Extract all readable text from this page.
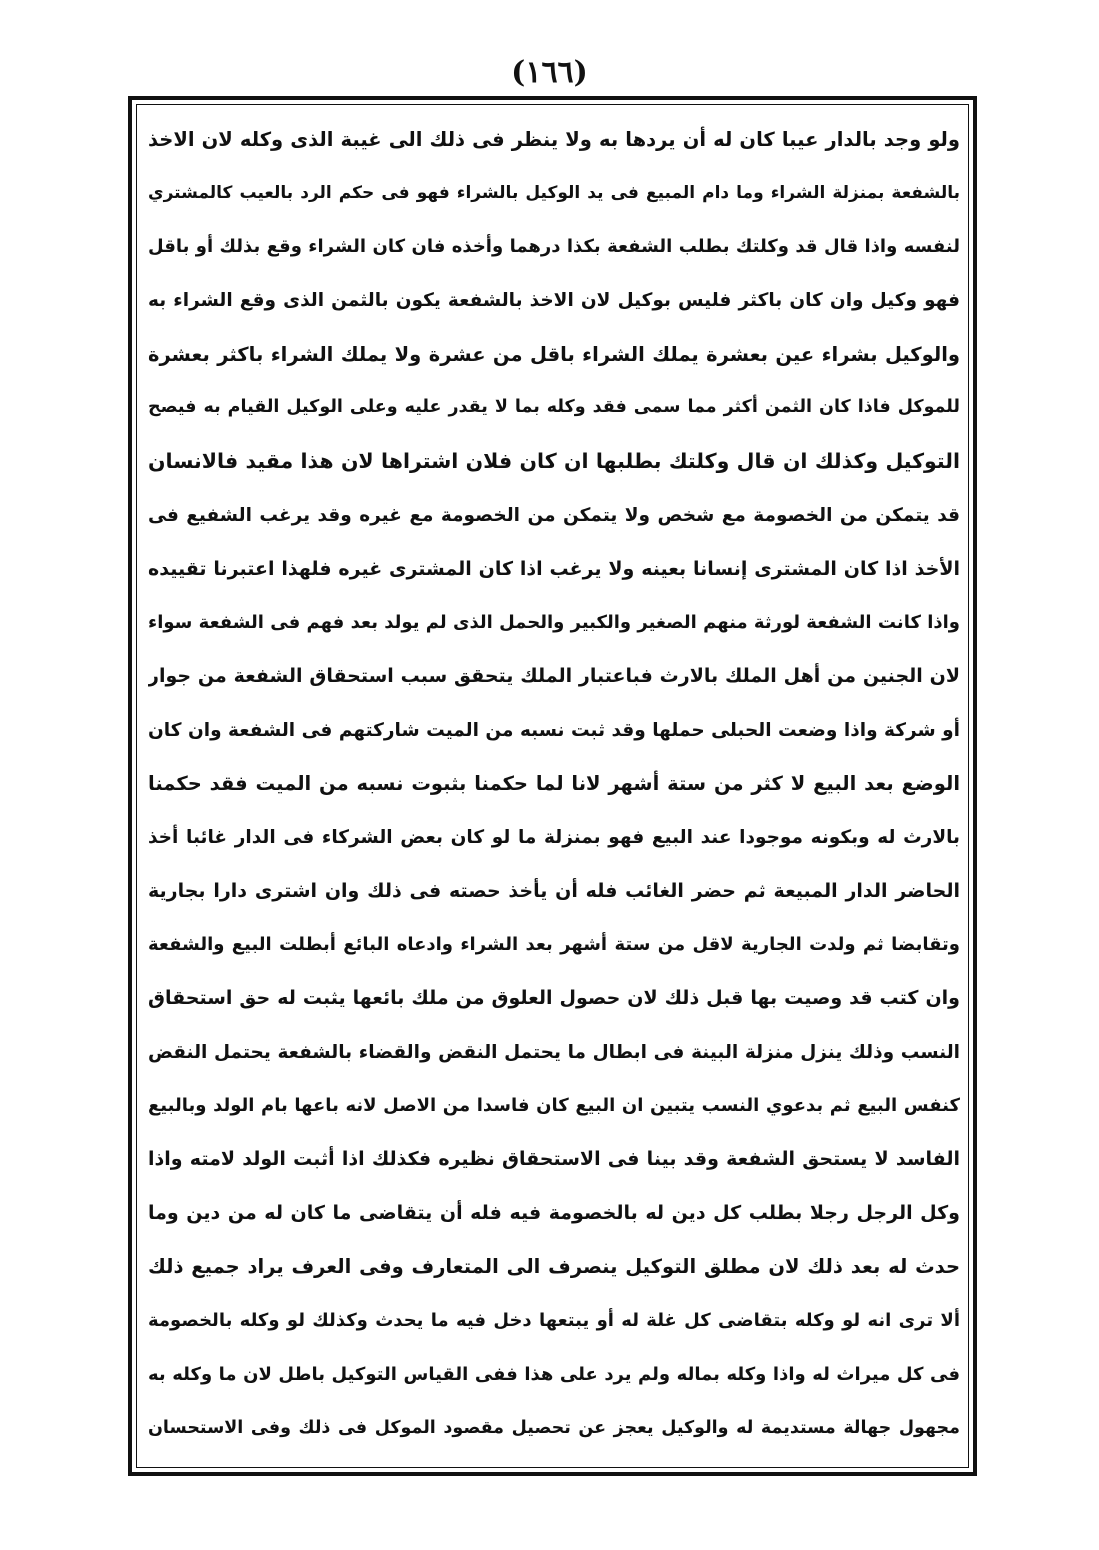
(١٦٦)
ولو وجد بالدار عيبا كان له أن يردها به ولا ينظر فى ذلك الى غيبة الذى وكله لان الاخذ
بالشفعة بمنزلة الشراء وما دام المبيع فى يد الوكيل بالشراء فهو فى حكم الرد بالعيب كالمشتري
لنفسه واذا قال قد وكلتك بطلب الشفعة بكذا درهما وأخذه فان كان الشراء وقع بذلك أو باقل
فهو وكيل وان كان باكثر فليس بوكيل لان الاخذ بالشفعة يكون بالثمن الذى وقع الشراء به
والوكيل بشراء عين بعشرة يملك الشراء باقل من عشرة ولا يملك الشراء باكثر بعشرة
للموكل فاذا كان الثمن أكثر مما سمى فقد وكله بما لا يقدر عليه وعلى الوكيل القيام به فيصح
التوكيل وكذلك ان قال وكلتك بطلبها ان كان فلان اشتراها لان هذا مقيد فالانسان
قد يتمكن من الخصومة مع شخص ولا يتمكن من الخصومة مع غيره وقد يرغب الشفيع فى
الأخذ اذا كان المشترى إنسانا بعينه ولا يرغب اذا كان المشترى غيره فلهذا اعتبرنا تقييده
واذا كانت الشفعة لورثة منهم الصغير والكبير والحمل الذى لم يولد بعد فهم فى الشفعة سواء
لان الجنين من أهل الملك بالارث فباعتبار الملك يتحقق سبب استحقاق الشفعة من جوار
أو شركة واذا وضعت الحبلى حملها وقد ثبت نسبه من الميت شاركتهم فى الشفعة وان كان
الوضع بعد البيع لا كثر من ستة أشهر لانا لما حكمنا بثبوت نسبه من الميت فقد حكمنا
بالارث له وبكونه موجودا عند البيع فهو بمنزلة ما لو كان بعض الشركاء فى الدار غائبا أخذ
الحاضر الدار المبيعة ثم حضر الغائب فله أن يأخذ حصته فى ذلك وان اشترى دارا بجارية
وتقابضا ثم ولدت الجارية لاقل من ستة أشهر بعد الشراء وادعاه البائع أبطلت البيع والشفعة
وان كتب قد وصيت بها قبل ذلك لان حصول العلوق من ملك بائعها يثبت له حق استحقاق
النسب وذلك ينزل منزلة البينة فى ابطال ما يحتمل النقض والقضاء بالشفعة يحتمل النقض
كنفس البيع ثم بدعوي النسب يتبين ان البيع كان فاسدا من الاصل لانه باعها بام الولد وبالبيع
الفاسد لا يستحق الشفعة وقد بينا فى الاستحقاق نظيره فكذلك اذا أثبت الولد لامته واذا
وكل الرجل رجلا بطلب كل دين له بالخصومة فيه فله أن يتقاضى ما كان له من دين وما
حدث له بعد ذلك لان مطلق التوكيل ينصرف الى المتعارف وفى العرف يراد جميع ذلك
ألا ترى انه لو وكله بتقاضى كل غلة له أو يبتعها دخل فيه ما يحدث وكذلك لو وكله بالخصومة
فى كل ميراث له واذا وكله بماله ولم يرد على هذا ففى القياس التوكيل باطل لان ما وكله به
مجهول جهالة مستديمة له والوكيل يعجز عن تحصيل مقصود الموكل فى ذلك وفى الاستحسان
